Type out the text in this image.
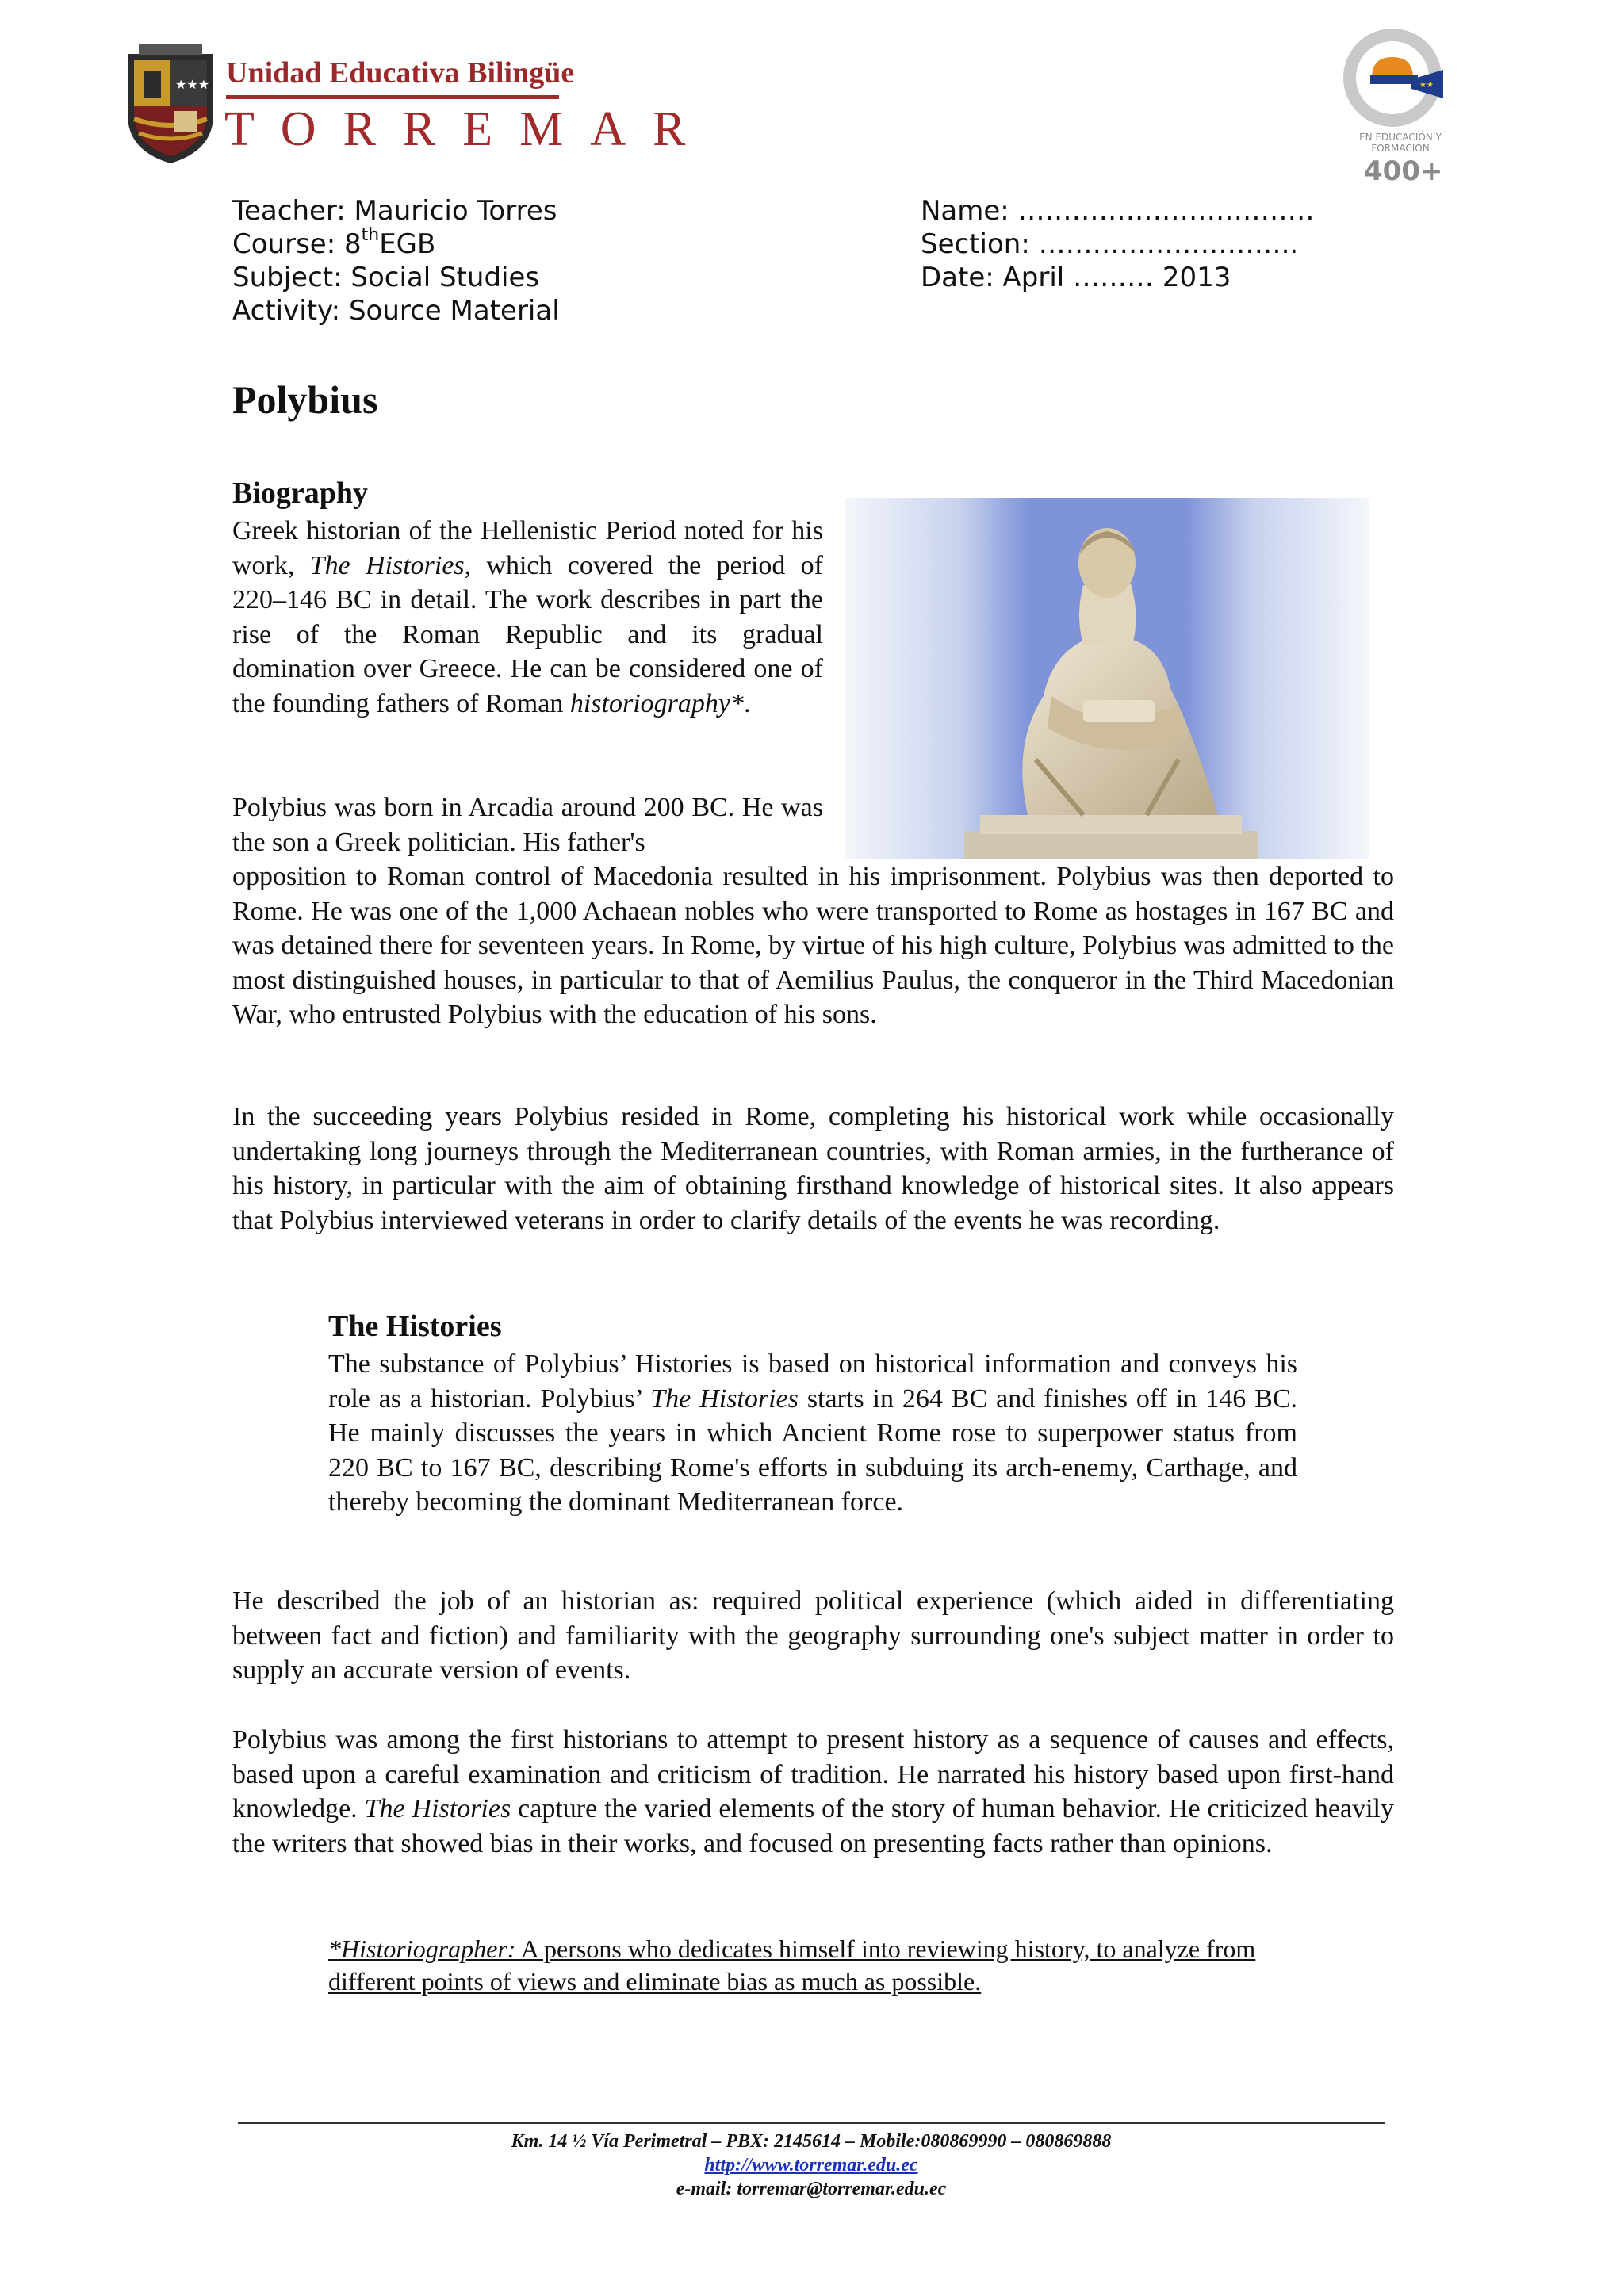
★★★ Unidad Educativa Bilingüe
TORREMAR
★★
EN EDUCACIÓN Y FORMACIÓN
400+
Teacher: Mauricio Torres
Course: 8thEGB
Subject: Social Studies
Activity: Source Material
Name: ……………………………
Section: ………………………..
Date: April ……… 2013
Polybius
Biography
Greek historian of the Hellenistic Period noted for his work, The Histories, which covered the period of 220–146 BC in detail. The work describes in part the rise of the Roman Republic and its gradual domination over Greece. He can be considered one of the founding fathers of Roman historiography*.
Polybius was born in Arcadia around 200 BC. He was the son a Greek politician. His father's
opposition to Roman control of Macedonia resulted in his imprisonment. Polybius was then deported to Rome. He was one of the 1,000 Achaean nobles who were transported to Rome as hostages in 167 BC and was detained there for seventeen years. In Rome, by virtue of his high culture, Polybius was admitted to the most distinguished houses, in particular to that of Aemilius Paulus, the conqueror in the Third Macedonian War, who entrusted Polybius with the education of his sons.
In the succeeding years Polybius resided in Rome, completing his historical work while occasionally undertaking long journeys through the Mediterranean countries, with Roman armies, in the furtherance of his history, in particular with the aim of obtaining firsthand knowledge of historical sites. It also appears that Polybius interviewed veterans in order to clarify details of the events he was recording.
The Histories
The substance of Polybius’ Histories is based on historical information and conveys his role as a historian. Polybius’ The Histories starts in 264 BC and finishes off in 146 BC. He mainly discusses the years in which Ancient Rome rose to superpower status from 220 BC to 167 BC, describing Rome's efforts in subduing its arch-enemy, Carthage, and thereby becoming the dominant Mediterranean force.
He described the job of an historian as: required political experience (which aided in differentiating between fact and fiction) and familiarity with the geography surrounding one's subject matter in order to supply an accurate version of events.
Polybius was among the first historians to attempt to present history as a sequence of causes and effects, based upon a careful examination and criticism of tradition. He narrated his history based upon first-hand knowledge. The Histories capture the varied elements of the story of human behavior. He criticized heavily the writers that showed bias in their works, and focused on presenting facts rather than opinions.
*Historiographer: A persons who dedicates himself into reviewing history, to analyze from different points of views and eliminate bias as much as possible.
Km. 14 ½ Vía Perimetral – PBX: 2145614 – Mobile:080869990 – 080869888
http://www.torremar.edu.ec
e-mail: torremar@torremar.edu.ec
